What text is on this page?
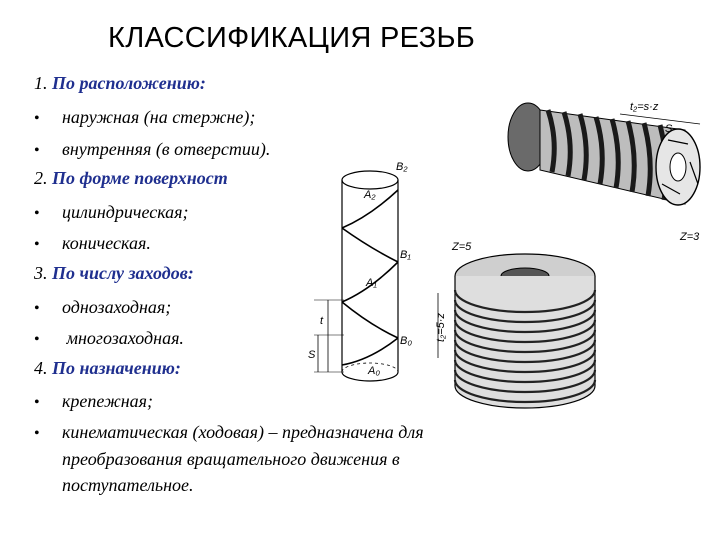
КЛАССИФИКАЦИЯ РЕЗЬБ
1. По расположению:
• наружная (на стержне);
• внутренняя (в отверстии).
2. По форме поверхност
• цилиндрическая;
• коническая.
3. По числу заходов:
• однозаходная;
• многозаходная.
4. По назначению:
• крепежная;
• кинематическая (ходовая) – предназначена для
преобразования вращательного движения в
поступательное.
B₂
A₂
B₁
A₁
B₀
A₀
t
S
t₂=s·z
S
Z=3
Z=5
t₂=5·z
